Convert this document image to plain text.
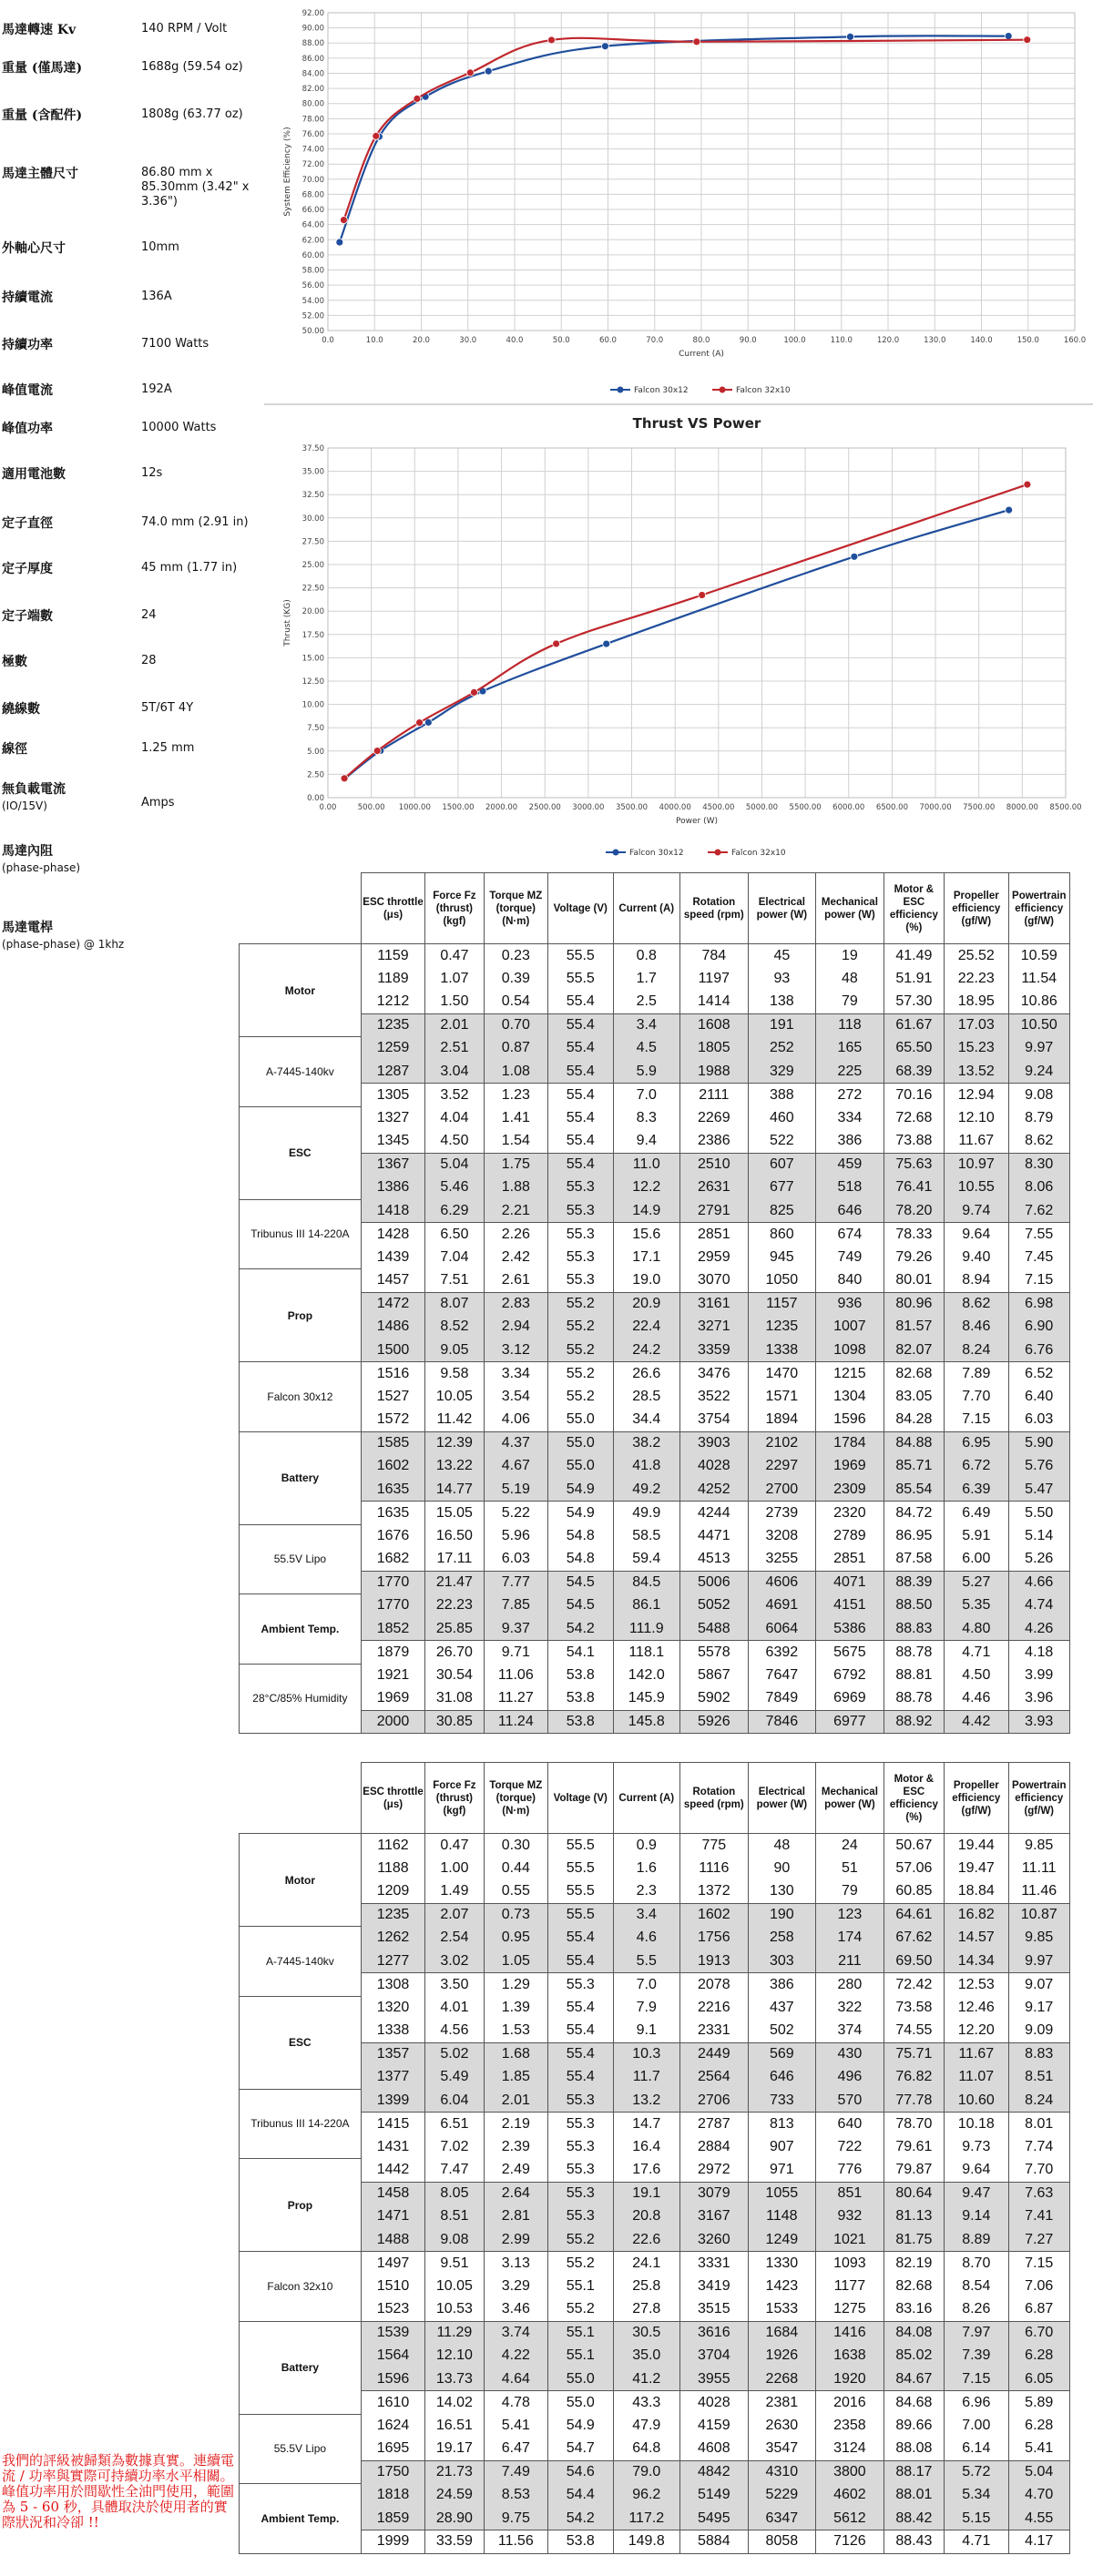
馬達轉速 Kv	140 RPM / Volt
重量 (僅馬達)	1688g (59.54 oz)
重量 (含配件)	1808g (63.77 oz)
馬達主體尺寸	86.80 mm x 85.30mm (3.42" x 3.36")
外軸心尺寸	10mm
持續電流	136A
持續功率	7100 Watts
峰值電流	192A
峰值功率	10000 Watts
適用電池數	12s
定子直徑	74.0 mm (2.91 in)
定子厚度	45 mm (1.77 in)
定子端數	24
極數	28
繞線數	5T/6T 4Y
線徑	1.25 mm
無負載電流
(IO/15V)	Amps
馬達內阻
(phase-phase)
馬達電桿
(phase-phase) @ 1khz
50.00
52.00
54.00
56.00
58.00
60.00
62.00
64.00
66.00
68.00
70.00
72.00
74.00
76.00
78.00
80.00
82.00
84.00
86.00
88.00
90.00
92.00
0.0	10.0	20.0	30.0	40.0	50.0	60.0	70.0	80.0	90.0	100.0	110.0	120.0	130.0	140.0	150.0	160.0
Current (A)
System Efficiency (%)
Falcon 30x12	Falcon 32x10
Thrust VS Power
0.00
2.50
5.00
7.50
10.00
12.50
15.00
17.50
20.00
22.50
25.00
27.50
30.00
32.50
35.00
37.50
0.00	500.00 1000.00 1500.00 2000.00 2500.00 3000.00 3500.00 4000.00 4500.00 5000.00 5500.00 6000.00 6500.00 7000.00 7500.00 8000.00 8500.00
Power (W)
Thrust (KG)
Falcon 30x12	Falcon 32x10
	ESC throttle (μs)	Force Fz (thrust) (kgf)	Torque MZ (torque) (N·m)	Voltage (V)	Current (A)	Rotation speed (rpm)	Electrical power (W)	Mechanical power (W)	Motor & ESC efficiency (%)	Propeller efficiency (gf/W)	Powertrain efficiency (gf/W)
Motor	1159	0.47	0.23	55.5	0.8	784	45	19	41.49	25.52	10.59
	1189	1.07	0.39	55.5	1.7	1197	93	48	51.91	22.23	11.54
	1212	1.50	0.54	55.4	2.5	1414	138	79	57.30	18.95	10.86
	1235	2.01	0.70	55.4	3.4	1608	191	118	61.67	17.03	10.50
A-7445-140kv	1259	2.51	0.87	55.4	4.5	1805	252	165	65.50	15.23	9.97
	1287	3.04	1.08	55.4	5.9	1988	329	225	68.39	13.52	9.24
	1305	3.52	1.23	55.4	7.0	2111	388	272	70.16	12.94	9.08
ESC	1327	4.04	1.41	55.4	8.3	2269	460	334	72.68	12.10	8.79
	1345	4.50	1.54	55.4	9.4	2386	522	386	73.88	11.67	8.62
	1367	5.04	1.75	55.4	11.0	2510	607	459	75.63	10.97	8.30
	1386	5.46	1.88	55.3	12.2	2631	677	518	76.41	10.55	8.06
Tribunus III 14-220A	1418	6.29	2.21	55.3	14.9	2791	825	646	78.20	9.74	7.62
	1428	6.50	2.26	55.3	15.6	2851	860	674	78.33	9.64	7.55
	1439	7.04	2.42	55.3	17.1	2959	945	749	79.26	9.40	7.45
Prop	1457	7.51	2.61	55.3	19.0	3070	1050	840	80.01	8.94	7.15
	1472	8.07	2.83	55.2	20.9	3161	1157	936	80.96	8.62	6.98
	1486	8.52	2.94	55.2	22.4	3271	1235	1007	81.57	8.46	6.90
	1500	9.05	3.12	55.2	24.2	3359	1338	1098	82.07	8.24	6.76
Falcon 30x12	1516	9.58	3.34	55.2	26.6	3476	1470	1215	82.68	7.89	6.52
	1527	10.05	3.54	55.2	28.5	3522	1571	1304	83.05	7.70	6.40
	1572	11.42	4.06	55.0	34.4	3754	1894	1596	84.28	7.15	6.03
Battery	1585	12.39	4.37	55.0	38.2	3903	2102	1784	84.88	6.95	5.90
	1602	13.22	4.67	55.0	41.8	4028	2297	1969	85.71	6.72	5.76
	1635	14.77	5.19	54.9	49.2	4252	2700	2309	85.54	6.39	5.47
	1635	15.05	5.22	54.9	49.9	4244	2739	2320	84.72	6.49	5.50
55.5V Lipo	1676	16.50	5.96	54.8	58.5	4471	3208	2789	86.95	5.91	5.14
	1682	17.11	6.03	54.8	59.4	4513	3255	2851	87.58	6.00	5.26
	1770	21.47	7.77	54.5	84.5	5006	4606	4071	88.39	5.27	4.66
Ambient Temp.	1770	22.23	7.85	54.5	86.1	5052	4691	4151	88.50	5.35	4.74
	1852	25.85	9.37	54.2	111.9	5488	6064	5386	88.83	4.80	4.26
	1879	26.70	9.71	54.1	118.1	5578	6392	5675	88.78	4.71	4.18
28°C/85% Humidity	1921	30.54	11.06	53.8	142.0	5867	7647	6792	88.81	4.50	3.99
	1969	31.08	11.27	53.8	145.9	5902	7849	6969	88.78	4.46	3.96
	2000	30.85	11.24	53.8	145.8	5926	7846	6977	88.92	4.42	3.93
	ESC throttle (μs)	Force Fz (thrust) (kgf)	Torque MZ (torque) (N·m)	Voltage (V)	Current (A)	Rotation speed (rpm)	Electrical power (W)	Mechanical power (W)	Motor & ESC efficiency (%)	Propeller efficiency (gf/W)	Powertrain efficiency (gf/W)
Motor	1162	0.47	0.30	55.5	0.9	775	48	24	50.67	19.44	9.85
	1188	1.00	0.44	55.5	1.6	1116	90	51	57.06	19.47	11.11
	1209	1.49	0.55	55.5	2.3	1372	130	79	60.85	18.84	11.46
	1235	2.07	0.73	55.5	3.4	1602	190	123	64.61	16.82	10.87
A-7445-140kv	1262	2.54	0.95	55.4	4.6	1756	258	174	67.62	14.57	9.85
	1277	3.02	1.05	55.4	5.5	1913	303	211	69.50	14.34	9.97
	1308	3.50	1.29	55.3	7.0	2078	386	280	72.42	12.53	9.07
ESC	1320	4.01	1.39	55.4	7.9	2216	437	322	73.58	12.46	9.17
	1338	4.56	1.53	55.4	9.1	2331	502	374	74.55	12.20	9.09
	1357	5.02	1.68	55.4	10.3	2449	569	430	75.71	11.67	8.83
	1377	5.49	1.85	55.4	11.7	2564	646	496	76.82	11.07	8.51
Tribunus III 14-220A	1399	6.04	2.01	55.3	13.2	2706	733	570	77.78	10.60	8.24
	1415	6.51	2.19	55.3	14.7	2787	813	640	78.70	10.18	8.01
	1431	7.02	2.39	55.3	16.4	2884	907	722	79.61	9.73	7.74
Prop	1442	7.47	2.49	55.3	17.6	2972	971	776	79.87	9.64	7.70
	1458	8.05	2.64	55.3	19.1	3079	1055	851	80.64	9.47	7.63
	1471	8.51	2.81	55.3	20.8	3167	1148	932	81.13	9.14	7.41
	1488	9.08	2.99	55.2	22.6	3260	1249	1021	81.75	8.89	7.27
Falcon 32x10	1497	9.51	3.13	55.2	24.1	3331	1330	1093	82.19	8.70	7.15
	1510	10.05	3.29	55.1	25.8	3419	1423	1177	82.68	8.54	7.06
	1523	10.53	3.46	55.2	27.8	3515	1533	1275	83.16	8.26	6.87
Battery	1539	11.29	3.74	55.1	30.5	3616	1684	1416	84.08	7.97	6.70
	1564	12.10	4.22	55.1	35.0	3704	1926	1638	85.02	7.39	6.28
	1596	13.73	4.64	55.0	41.2	3955	2268	1920	84.67	7.15	6.05
	1610	14.02	4.78	55.0	43.3	4028	2381	2016	84.68	6.96	5.89
55.5V Lipo	1624	16.51	5.41	54.9	47.9	4159	2630	2358	89.66	7.00	6.28
	1695	19.17	6.47	54.7	64.8	4608	3547	3124	88.08	6.14	5.41
	1750	21.73	7.49	54.6	79.0	4842	4310	3800	88.17	5.72	5.04
Ambient Temp.	1818	24.59	8.53	54.4	96.2	5149	5229	4602	88.01	5.34	4.70
	1859	28.90	9.75	54.2	117.2	5495	6347	5612	88.42	5.15	4.55
	1999	33.59	11.56	53.8	149.8	5884	8058	7126	88.43	4.71	4.17
我們的評級被歸類為數據真實。連續電流 / 功率與實際可持續功率水平相關。 峰值功率用於間歇性全油門使用，範圍為 5 - 60 秒，具體取決於使用者的實際狀況和冷卻 !!
